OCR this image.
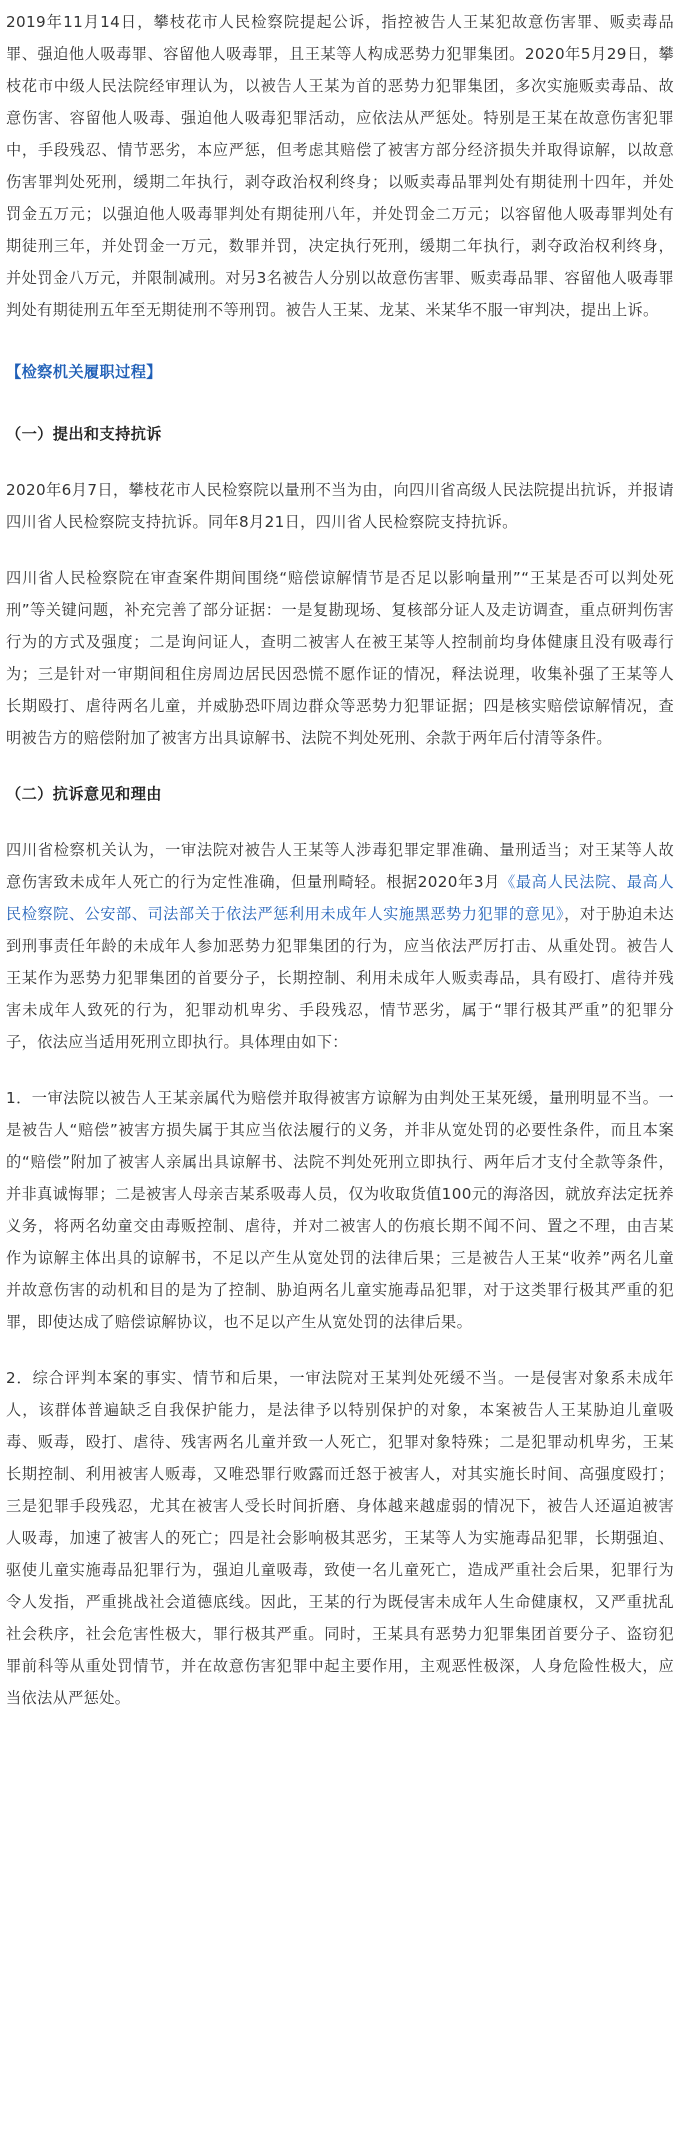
2019年11月14日，攀枝花市人民检察院提起公诉，指控被告人王某犯故意伤害罪、贩卖毒品罪、强迫他人吸毒罪、容留他人吸毒罪，且王某等人构成恶势力犯罪集团。2020年5月29日，攀枝花市中级人民法院经审理认为，以被告人王某为首的恶势力犯罪集团，多次实施贩卖毒品、故意伤害、容留他人吸毒、强迫他人吸毒犯罪活动，应依法从严惩处。特别是王某在故意伤害犯罪中，手段残忍、情节恶劣，本应严惩，但考虑其赔偿了被害方部分经济损失并取得谅解，以故意伤害罪判处死刑，缓期二年执行，剥夺政治权利终身；以贩卖毒品罪判处有期徒刑十四年，并处罚金五万元；以强迫他人吸毒罪判处有期徒刑八年，并处罚金二万元；以容留他人吸毒罪判处有期徒刑三年，并处罚金一万元，数罪并罚，决定执行死刑，缓期二年执行，剥夺政治权利终身，并处罚金八万元，并限制减刑。对另3名被告人分别以故意伤害罪、贩卖毒品罪、容留他人吸毒罪判处有期徒刑五年至无期徒刑不等刑罚。被告人王某、龙某、米某华不服一审判决，提出上诉。

【检察机关履职过程】

（一）提出和支持抗诉

2020年6月7日，攀枝花市人民检察院以量刑不当为由，向四川省高级人民法院提出抗诉，并报请四川省人民检察院支持抗诉。同年8月21日，四川省人民检察院支持抗诉。

四川省人民检察院在审查案件期间围绕“赔偿谅解情节是否足以影响量刑”“王某是否可以判处死刑”等关键问题，补充完善了部分证据：一是复勘现场、复核部分证人及走访调查，重点研判伤害行为的方式及强度；二是询问证人，查明二被害人在被王某等人控制前均身体健康且没有吸毒行为；三是针对一审期间租住房周边居民因恐慌不愿作证的情况，释法说理，收集补强了王某等人长期殴打、虐待两名儿童，并威胁恐吓周边群众等恶势力犯罪证据；四是核实赔偿谅解情况，查明被告方的赔偿附加了被害方出具谅解书、法院不判处死刑、余款于两年后付清等条件。

（二）抗诉意见和理由

四川省检察机关认为，一审法院对被告人王某等人涉毒犯罪定罪准确、量刑适当；对王某等人故意伤害致未成年人死亡的行为定性准确，但量刑畸轻。根据2020年3月《最高人民法院、最高人民检察院、公安部、司法部关于依法严惩利用未成年人实施黑恶势力犯罪的意见》，对于胁迫未达到刑事责任年龄的未成年人参加恶势力犯罪集团的行为，应当依法严厉打击、从重处罚。被告人王某作为恶势力犯罪集团的首要分子，长期控制、利用未成年人贩卖毒品，具有殴打、虐待并残害未成年人致死的行为，犯罪动机卑劣、手段残忍，情节恶劣，属于“罪行极其严重”的犯罪分子，依法应当适用死刑立即执行。具体理由如下：

1．一审法院以被告人王某亲属代为赔偿并取得被害方谅解为由判处王某死缓，量刑明显不当。一是被告人“赔偿”被害方损失属于其应当依法履行的义务，并非从宽处罚的必要性条件，而且本案的“赔偿”附加了被害人亲属出具谅解书、法院不判处死刑立即执行、两年后才支付全款等条件，并非真诚悔罪；二是被害人母亲吉某系吸毒人员，仅为收取货值100元的海洛因，就放弃法定抚养义务，将两名幼童交由毒贩控制、虐待，并对二被害人的伤痕长期不闻不问、置之不理，由吉某作为谅解主体出具的谅解书，不足以产生从宽处罚的法律后果；三是被告人王某“收养”两名儿童并故意伤害的动机和目的是为了控制、胁迫两名儿童实施毒品犯罪，对于这类罪行极其严重的犯罪，即使达成了赔偿谅解协议，也不足以产生从宽处罚的法律后果。

2．综合评判本案的事实、情节和后果，一审法院对王某判处死缓不当。一是侵害对象系未成年人，该群体普遍缺乏自我保护能力，是法律予以特别保护的对象，本案被告人王某胁迫儿童吸毒、贩毒，殴打、虐待、残害两名儿童并致一人死亡，犯罪对象特殊；二是犯罪动机卑劣，王某长期控制、利用被害人贩毒，又唯恐罪行败露而迁怒于被害人，对其实施长时间、高强度殴打；三是犯罪手段残忍，尤其在被害人受长时间折磨、身体越来越虚弱的情况下，被告人还逼迫被害人吸毒，加速了被害人的死亡；四是社会影响极其恶劣，王某等人为实施毒品犯罪，长期强迫、驱使儿童实施毒品犯罪行为，强迫儿童吸毒，致使一名儿童死亡，造成严重社会后果，犯罪行为令人发指，严重挑战社会道德底线。因此，王某的行为既侵害未成年人生命健康权，又严重扰乱社会秩序，社会危害性极大，罪行极其严重。同时，王某具有恶势力犯罪集团首要分子、盗窃犯罪前科等从重处罚情节，并在故意伤害犯罪中起主要作用，主观恶性极深，人身危险性极大，应当依法从严惩处。
